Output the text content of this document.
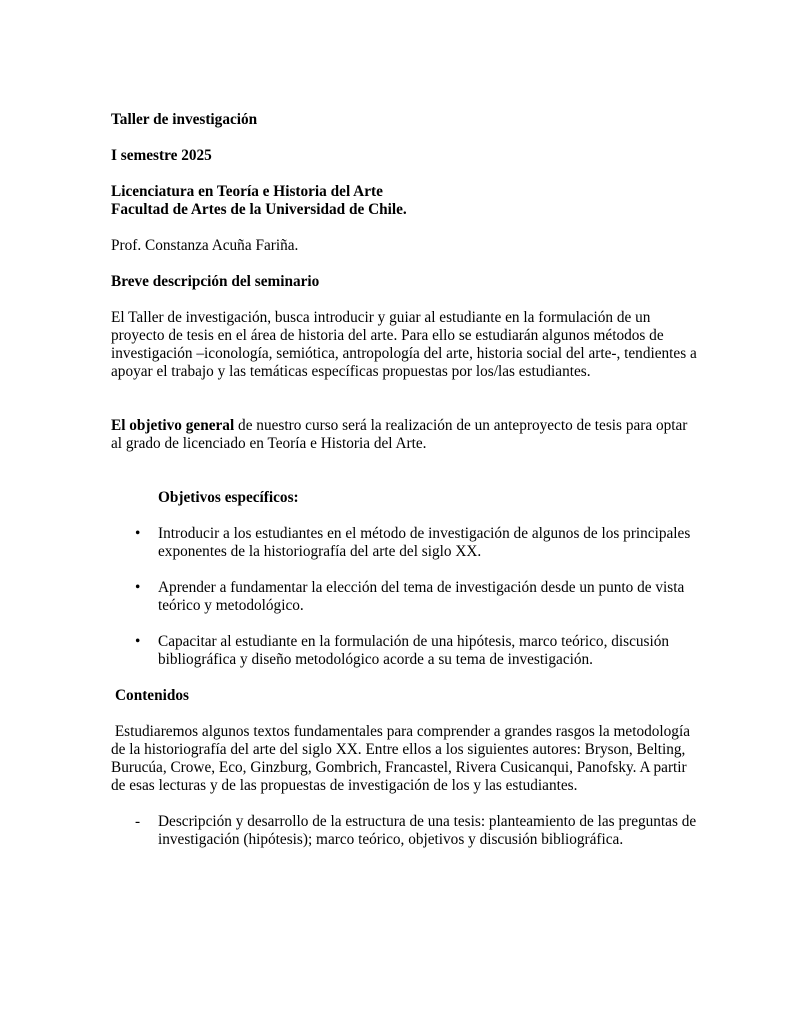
Taller de investigación

I semestre 2025

Licenciatura en Teoría e Historia del Arte

Facultad de Artes de la Universidad de Chile.

Prof. Constanza Acuña Fariña.

Breve descripción del seminario

El Taller de investigación, busca introducir y guiar al estudiante en la formulación de un proyecto de tesis en el área de historia del arte. Para ello se estudiarán algunos métodos de investigación –iconología, semiótica, antropología del arte, historia social del arte-, tendientes a apoyar el trabajo y las temáticas específicas propuestas por los/las estudiantes.

El objetivo general de nuestro curso será la realización de un anteproyecto de tesis para optar al grado de licenciado en Teoría e Historia del Arte.

Objetivos específicos:

• Introducir a los estudiantes en el método de investigación de algunos de los principales exponentes de la historiografía del arte del siglo XX.
• Aprender a fundamentar la elección del tema de investigación desde un punto de vista teórico y metodológico.
• Capacitar al estudiante en la formulación de una hipótesis, marco teórico, discusión bibliográfica y diseño metodológico acorde a su tema de investigación.

Contenidos

Estudiaremos algunos textos fundamentales para comprender a grandes rasgos la metodología de la historiografía del arte del siglo XX. Entre ellos a los siguientes autores: Bryson, Belting, Burucúa, Crowe, Eco, Ginzburg, Gombrich, Francastel, Rivera Cusicanqui, Panofsky. A partir de esas lecturas y de las propuestas de investigación de los y las estudiantes.

- Descripción y desarrollo de la estructura de una tesis: planteamiento de las preguntas de investigación (hipótesis); marco teórico, objetivos y discusión bibliográfica.
